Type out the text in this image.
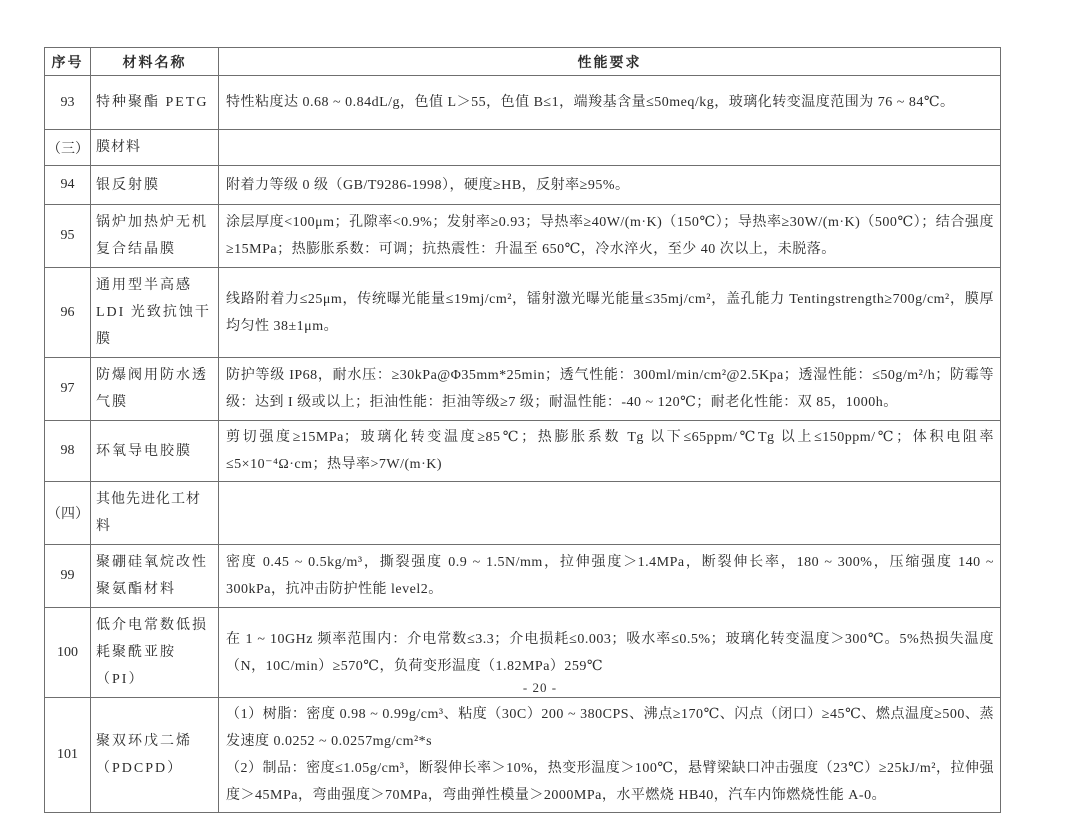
序号	材料名称	性能要求
93	特种聚酯 PETG	特性粘度达 0.68 ~ 0.84dL/g，色值 L＞55，色值 B≤1，端羧基含量≤50meq/kg，玻璃化转变温度范围为 76 ~ 84℃。

（三）	膜材料	
94	银反射膜	附着力等级 0 级（GB/T9286-1998），硬度≥HB，反射率≥95%。

95	锅炉加热炉无机复合结晶膜	涂层厚度<100μm；孔隙率<0.9%；发射率≥0.93；导热率≥40W/(m·K)（150℃）；导热率≥30W/(m·K)（500℃）；结合强度≥15MPa；热膨胀系数：可调；抗热震性：升温至 650℃，冷水淬火，至少 40 次以上，未脱落。

96	通用型半高感 LDI 光致抗蚀干膜	线路附着力≤25μm，传统曝光能量≤19mj/cm²，镭射激光曝光能量≤35mj/cm²，盖孔能力 Tentingstrength≥700g/cm²，膜厚均匀性 38±1μm。

97	防爆阀用防水透气膜	防护等级 IP68，耐水压：≥30kPa@Φ35mm*25min；透气性能：300ml/min/cm²@2.5Kpa；透湿性能：≤50g/m²/h；防霉等级：达到 I 级或以上；拒油性能：拒油等级≥7 级；耐温性能：-40 ~ 120℃；耐老化性能：双 85，1000h。

98	环氧导电胶膜	剪切强度≥15MPa；玻璃化转变温度≥85℃；热膨胀系数 Tg 以下≤65ppm/℃Tg 以上≤150ppm/℃；体积电阻率≤5×10⁻⁴Ω·cm；热导率>7W/(m·K)

（四）	其他先进化工材料	
99	聚硼硅氧烷改性聚氨酯材料	密度 0.45 ~ 0.5kg/m³，撕裂强度 0.9 ~ 1.5N/mm，拉伸强度＞1.4MPa，断裂伸长率，180 ~ 300%，压缩强度 140 ~ 300kPa，抗冲击防护性能 level2。

100	低介电常数低损耗聚酰亚胺（PI）	在 1 ~ 10GHz 频率范围内：介电常数≤3.3；介电损耗≤0.003；吸水率≤0.5%；玻璃化转变温度＞300℃。5%热损失温度（N，10C/min）≥570℃，负荷变形温度（1.82MPa）259℃

101	聚双环戊二烯（PDCPD）	（1）树脂：密度 0.98 ~ 0.99g/cm³、粘度（30C）200 ~ 380CPS、沸点≥170℃、闪点（闭口）≥45℃、燃点温度≥500、蒸发速度 0.0252 ~ 0.0257mg/cm²*s
（2）制品：密度≤1.05g/cm³，断裂伸长率＞10%，热变形温度＞100℃，悬臂梁缺口冲击强度（23℃）≥25kJ/m²，拉伸强度＞45MPa，弯曲强度＞70MPa，弯曲弹性模量＞2000MPa，水平燃烧 HB40，汽车内饰燃烧性能 A-0。
- 20 -
